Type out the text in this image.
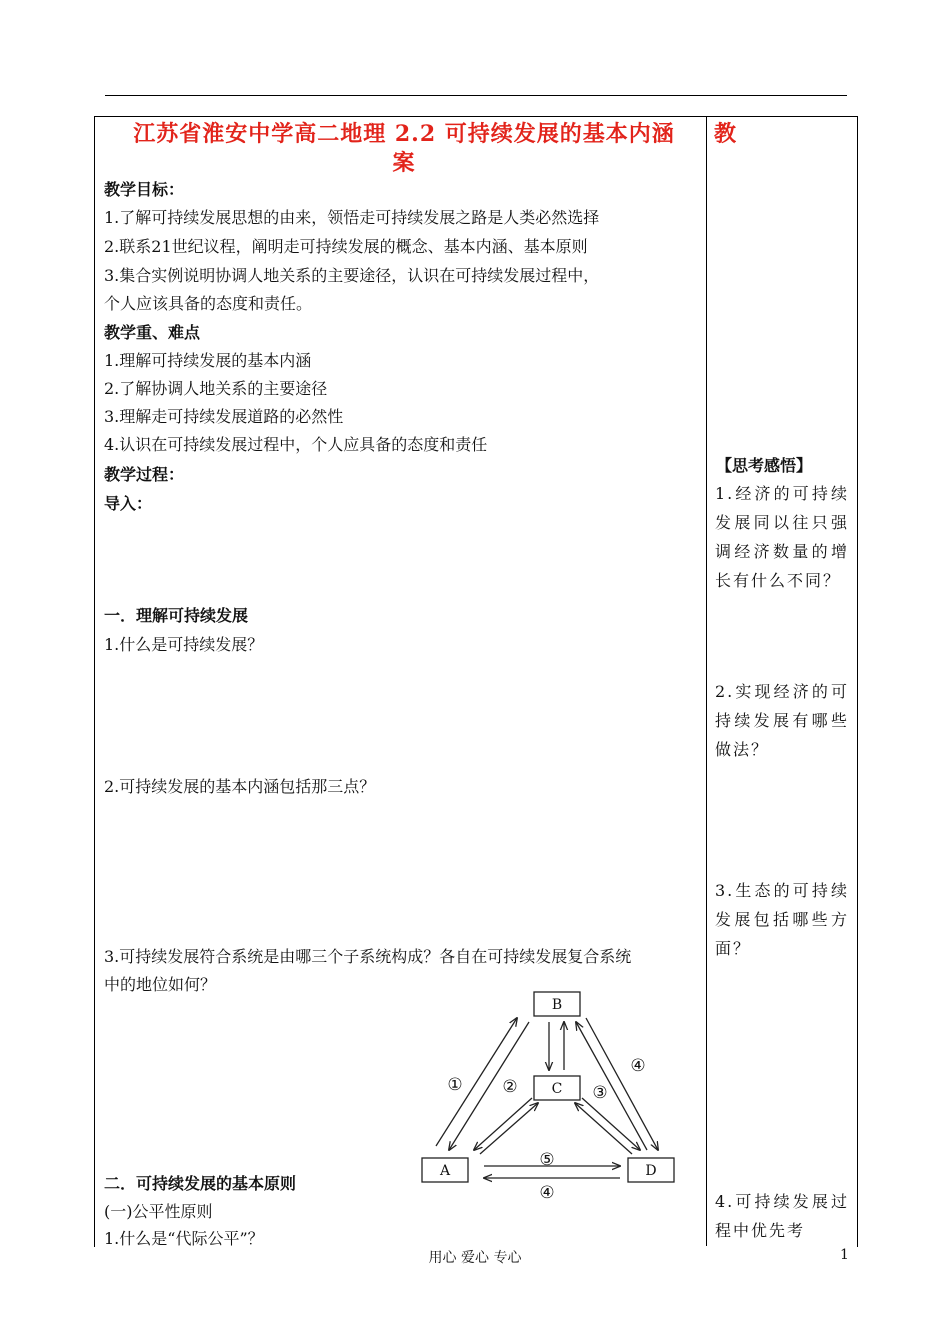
江苏省淮安中学高二地理 2.2 可持续发展的基本内涵
案
教
教学目标：
1.了解可持续发展思想的由来，领悟走可持续发展之路是人类必然选择
2.联系21世纪议程，阐明走可持续发展的概念、基本内涵、基本原则
3.集合实例说明协调人地关系的主要途径，认识在可持续发展过程中，
个人应该具备的态度和责任。
教学重、难点
1.理解可持续发展的基本内涵
2.了解协调人地关系的主要途径
3.理解走可持续发展道路的必然性
4.认识在可持续发展过程中，个人应具备的态度和责任
教学过程：
导入：
一．理解可持续发展
1.什么是可持续发展？
2.可持续发展的基本内涵包括那三点？
3.可持续发展符合系统是由哪三个子系统构成？各自在可持续发展复合系统
中的地位如何？
二．可持续发展的基本原则
(一)公平性原则
1.什么是“代际公平”？
【思考感悟】
1.经济的可持续发展同以往只强调经济数量的增长有什么不同？
2.实现经济的可持续发展有哪些做法？
3.生态的可持续发展包括哪些方面？
4.可持续发展过程中优先考
B
C
A	D
① ②	③
④
⑤
④
用心 爱心 专心	1
